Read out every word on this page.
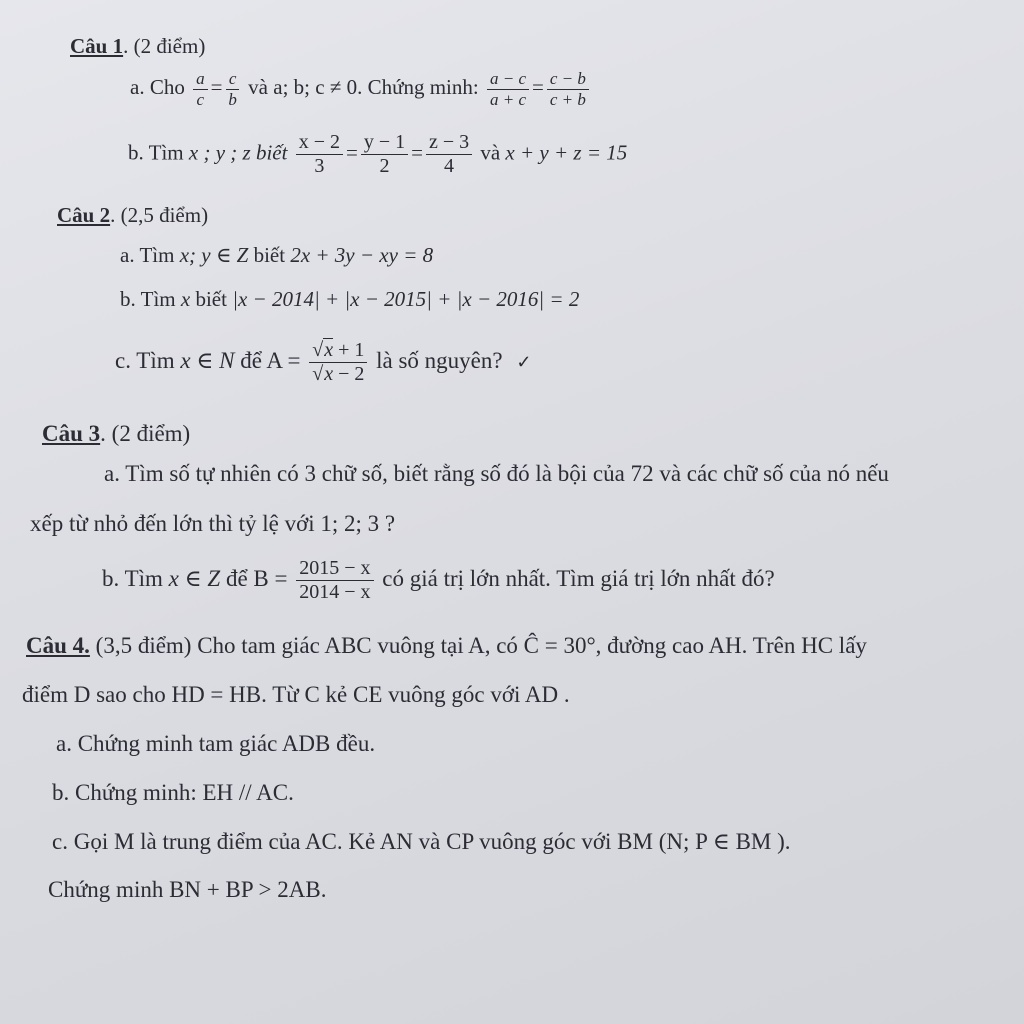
Câu 1. (2 điểm)
a. Cho $\frac{a}{c} = \frac{c}{b}$ và a; b; c ≠ 0. Chứng minh: $\frac{a - c}{a + c} = \frac{c - b}{c + b}$
b. Tìm x ; y ; z biết $\frac{x - 2}{3} = \frac{y - 1}{2} = \frac{z - 3}{4}$ và x + y + z = 15
Câu 2. (2,5 điểm)
a. Tìm x; y ∈ Z biết 2x + 3y − xy = 8
b. Tìm x biết |x − 2014| + |x − 2015| + |x − 2016| = 2
c. Tìm x ∈ N để $A = \frac{√x + 1}{√x - 2}$ là số nguyên? ✓
Câu 3. (2 điểm)
a. Tìm số tự nhiên có 3 chữ số, biết rằng số đó là bội của 72 và các chữ số của nó nếu
xếp từ nhỏ đến lớn thì tỷ lệ với 1; 2; 3 ?
b. Tìm x ∈ Z để $B = \frac{2015 - x}{2014 - x}$ có giá trị lớn nhất. Tìm giá trị lớn nhất đó?
Câu 4. (3,5 điểm) Cho tam giác ABC vuông tại A, có Ĉ = 30°, đường cao AH. Trên HC lấy
điểm D sao cho HD = HB. Từ C kẻ CE vuông góc với AD .
a. Chứng minh tam giác ADB đều.
b. Chứng minh: EH // AC.
c. Gọi M là trung điểm của AC. Kẻ AN và CP vuông góc với BM (N; P ∈ BM ).
Chứng minh BN + BP > 2AB.
